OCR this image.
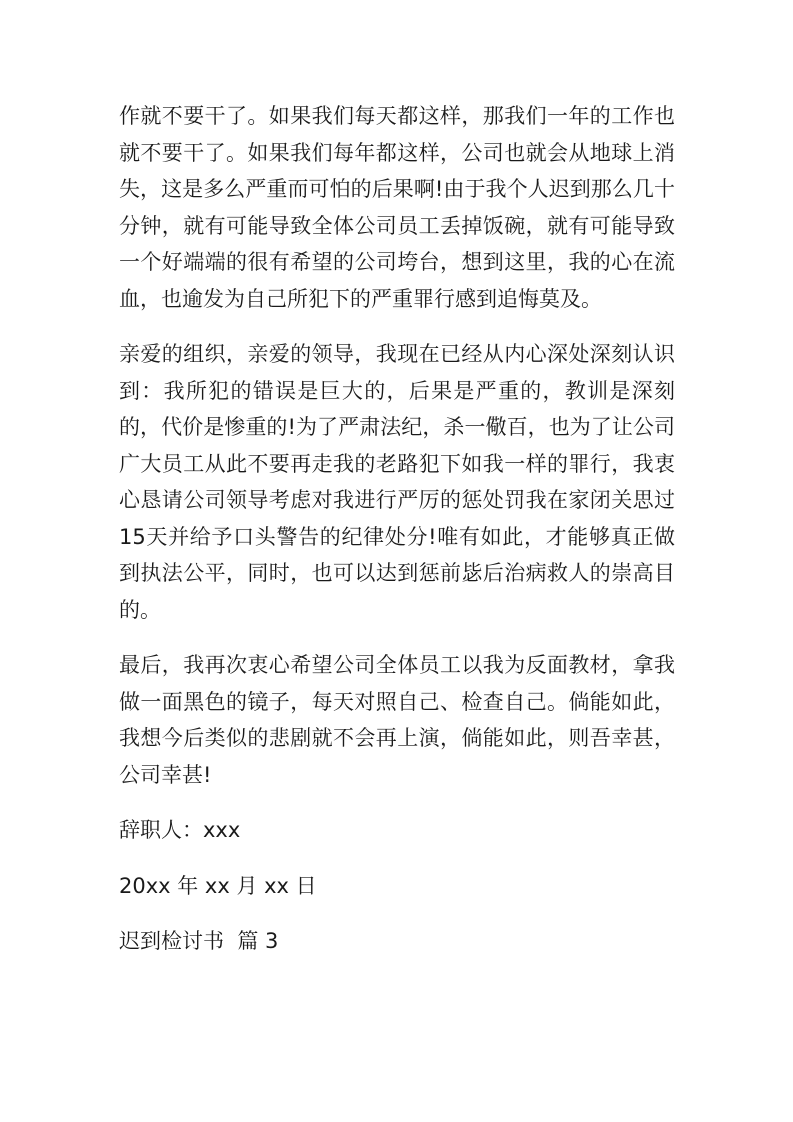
作就不要干了。如果我们每天都这样，那我们一年的工作也就不要干了。如果我们每年都这样，公司也就会从地球上消失，这是多么严重而可怕的后果啊!由于我个人迟到那么几十分钟，就有可能导致全体公司员工丢掉饭碗，就有可能导致一个好端端的很有希望的公司垮台，想到这里，我的心在流血，也逾发为自己所犯下的严重罪行感到追悔莫及。

亲爱的组织，亲爱的领导，我现在已经从内心深处深刻认识到：我所犯的错误是巨大的，后果是严重的，教训是深刻的，代价是惨重的!为了严肃法纪，杀一儆百，也为了让公司广大员工从此不要再走我的老路犯下如我一样的罪行，我衷心恳请公司领导考虑对我进行严厉的惩处罚我在家闭关思过15天并给予口头警告的纪律处分!唯有如此，才能够真正做到执法公平，同时，也可以达到惩前毖后治病救人的崇高目的。

最后，我再次衷心希望公司全体员工以我为反面教材，拿我做一面黑色的镜子，每天对照自己、检查自己。倘能如此，我想今后类似的悲剧就不会再上演，倘能如此，则吾幸甚，公司幸甚!

辞职人：xxx

20xx 年 xx 月 xx 日

迟到检讨书  篇 3
